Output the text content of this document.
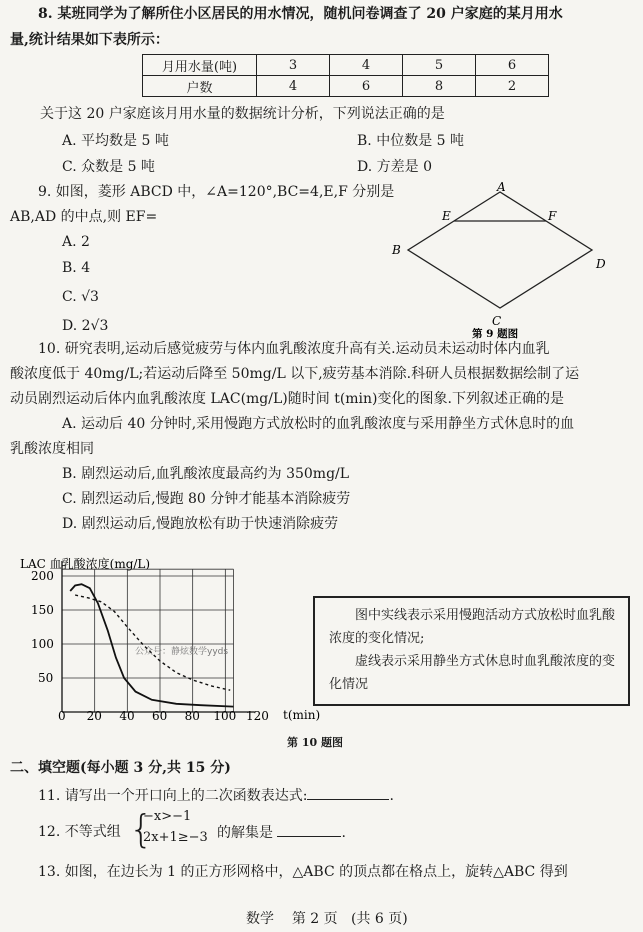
8. 某班同学为了解所住小区居民的用水情况，随机问卷调查了 20 户家庭的某月用水
量,统计结果如下表所示：
月用水量(吨)	3	4	5	6
户数	4	6	8	2
关于这 20 户家庭该月用水量的数据统计分析，下列说法正确的是
A. 平均数是 5 吨	B. 中位数是 5 吨
C. 众数是 5 吨	D. 方差是 0
9. 如图，菱形 ABCD 中，∠A=120°,BC=4,E,F 分别是
AB,AD 的中点,则 EF=
A. 2
B. 4
C. √3
D. 2√3
A
B
C
D
E	F
第 9 题图
10. 研究表明,运动后感觉疲劳与体内血乳酸浓度升高有关.运动员未运动时体内血乳
酸浓度低于 40mg/L;若运动后降至 50mg/L 以下,疲劳基本消除.科研人员根据数据绘制了运
动员剧烈运动后体内血乳酸浓度 LAC(mg/L)随时间 t(min)变化的图象.下列叙述正确的是
A. 运动后 40 分钟时,采用慢跑方式放松时的血乳酸浓度与采用静坐方式休息时的血
乳酸浓度相同
B. 剧烈运动后,血乳酸浓度最高约为 350mg/L
C. 剧烈运动后,慢跑 80 分钟才能基本消除疲劳
D. 剧烈运动后,慢跑放松有助于快速消除疲劳
LAC 血乳酸浓度(mg/L)
0 20 40 60 80 100 120
50
100
150
200
公众号：静炫数学yyds
t(min)

图中实线表示采用慢跑活动方式放松时血乳酸浓度的变化情况;

虚线表示采用静坐方式休息时血乳酸浓度的变化情况

第 10 题图
二、填空题(每小题 3 分,共 15 分)
11. 请写出一个开口向上的二次函数表达式:	.
12. 不等式组 {
−x>−1
2x+1≥−3 的解集是	.
13. 如图，在边长为 1 的正方形网格中，△ABC 的顶点都在格点上，旋转△ABC 得到
数学 第 2 页 (共 6 页)
